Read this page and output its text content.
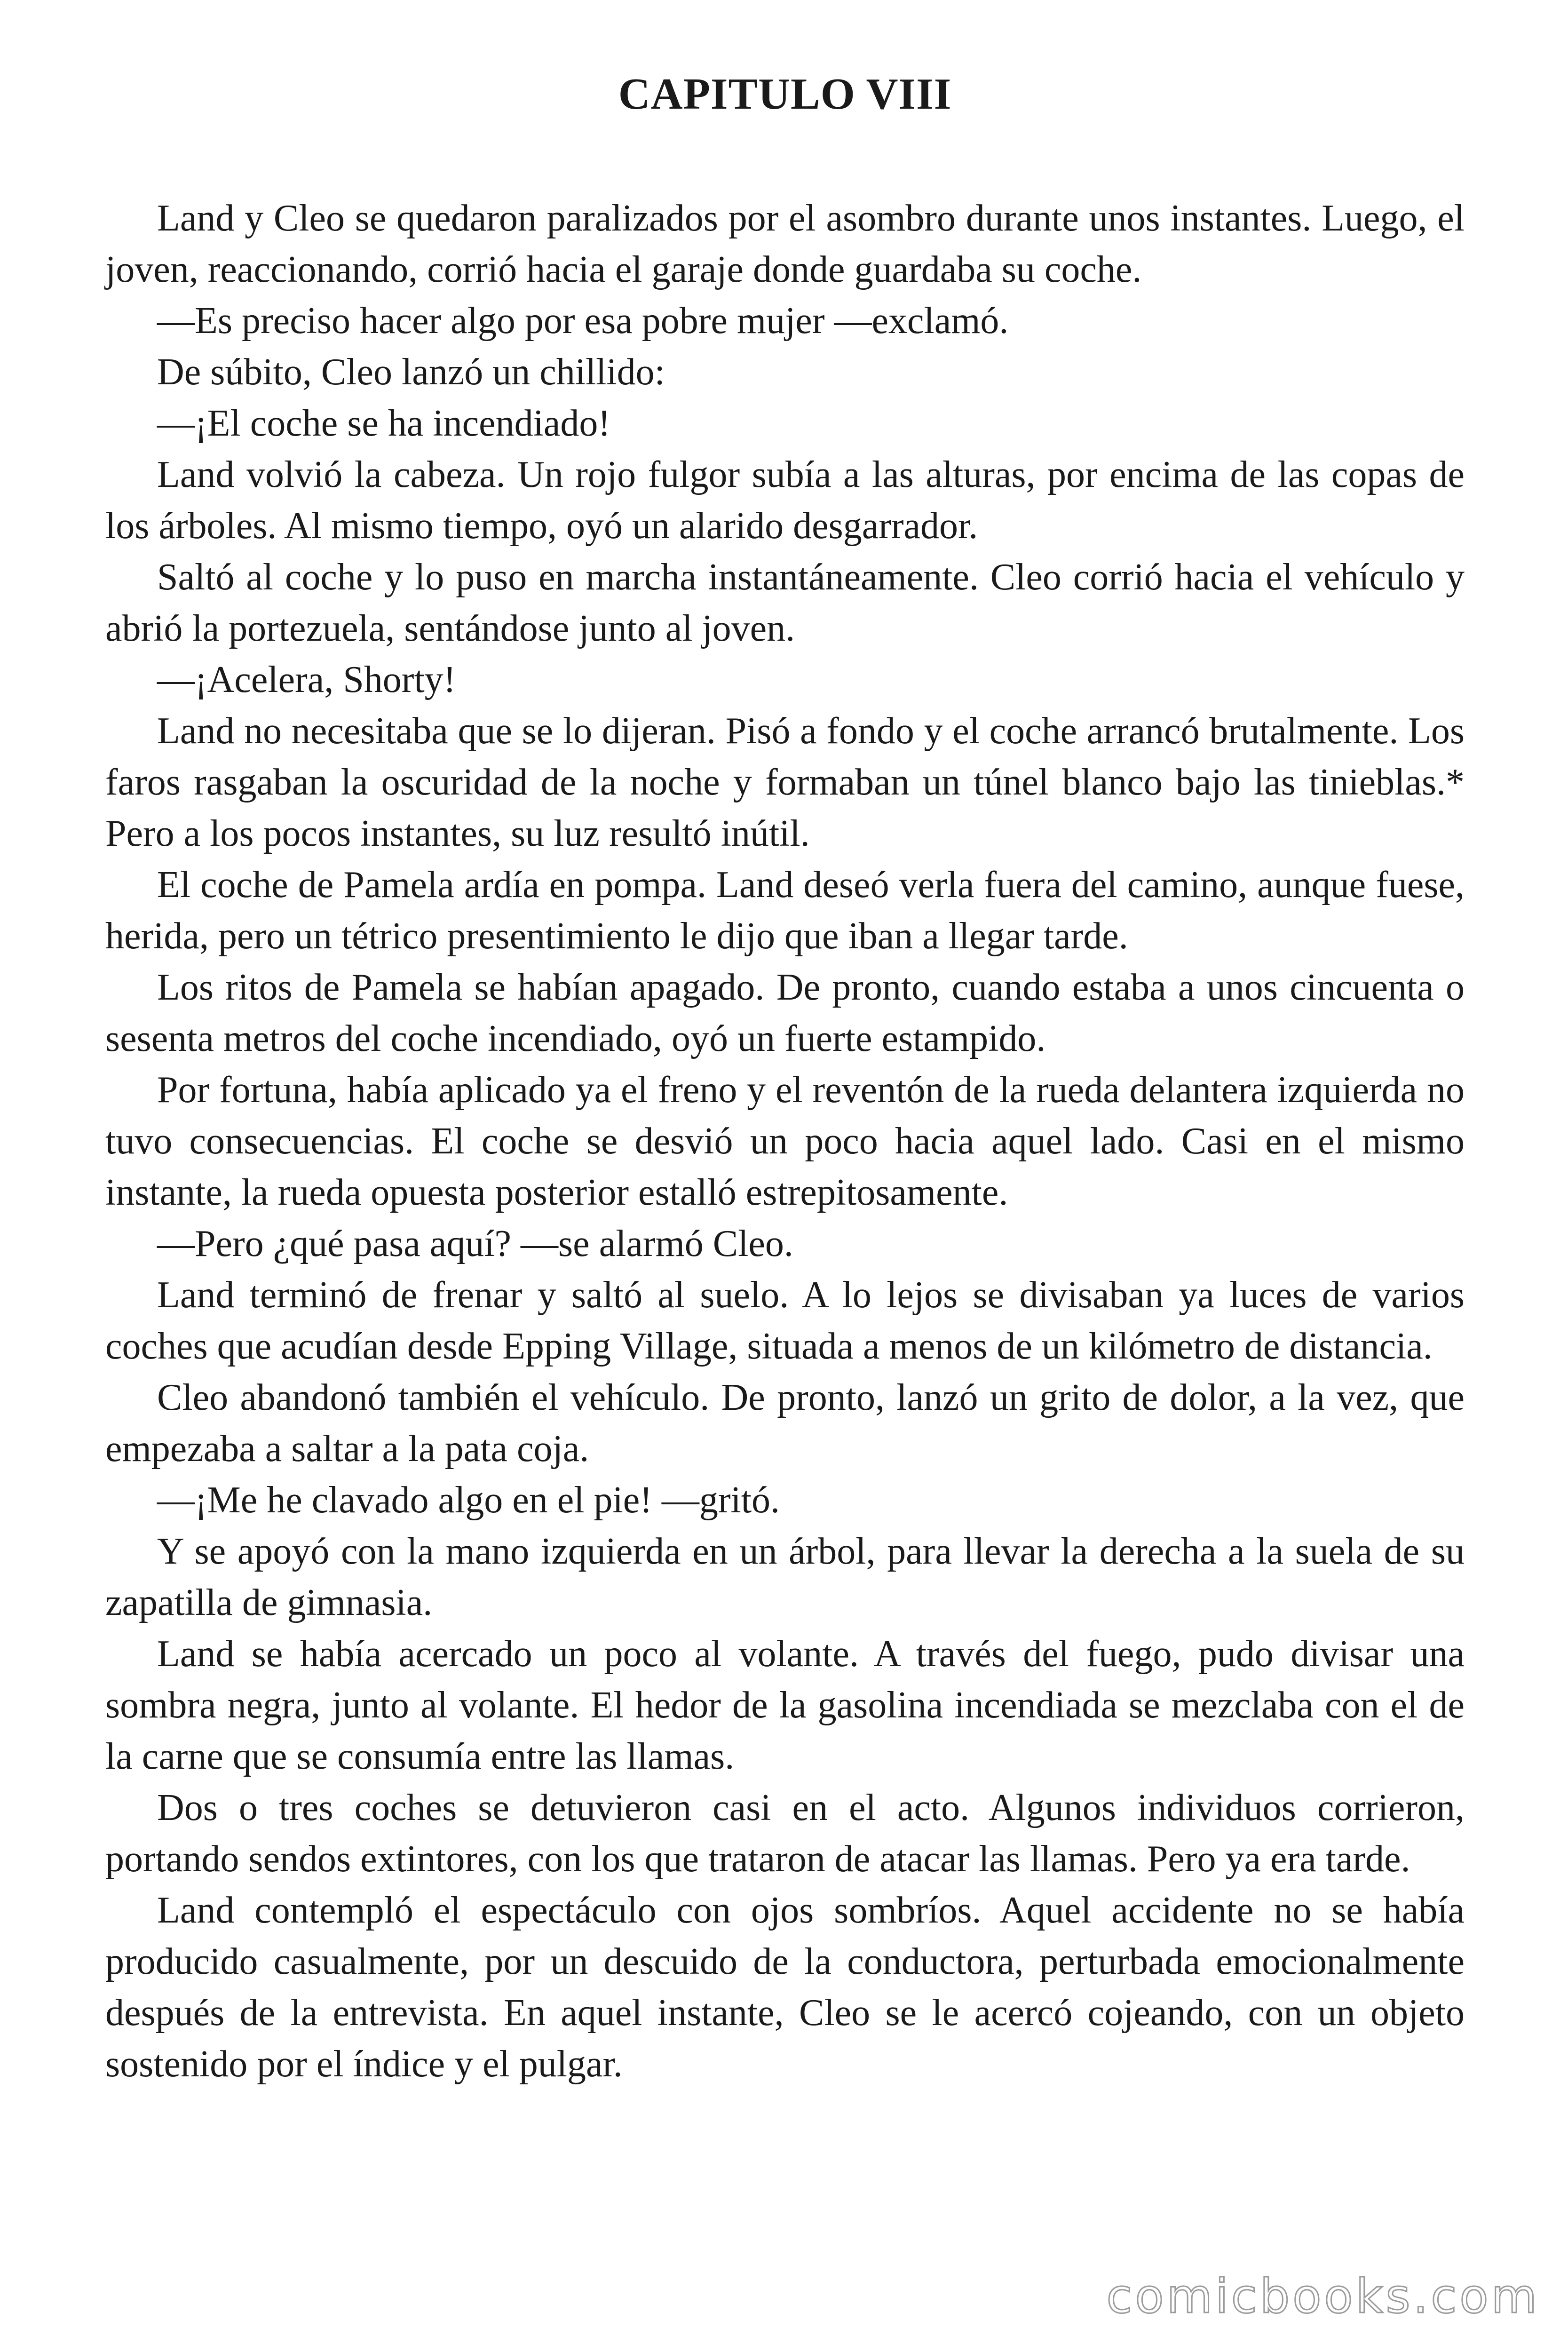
CAPITULO VIII

Land y Cleo se quedaron paralizados por el asombro durante unos instantes. Luego, el joven, reaccionando, corrió hacia el garaje donde guardaba su coche.

—Es preciso hacer algo por esa pobre mujer —exclamó.

De súbito, Cleo lanzó un chillido:

—¡El coche se ha incendiado!

Land volvió la cabeza. Un rojo fulgor subía a las alturas, por encima de las copas de los árboles. Al mismo tiempo, oyó un alarido desgarrador.

Saltó al coche y lo puso en marcha instantáneamente. Cleo corrió hacia el vehículo y abrió la portezuela, sentándose junto al joven.

—¡Acelera, Shorty!

Land no necesitaba que se lo dijeran. Pisó a fondo y el coche arrancó brutalmente. Los faros rasgaban la oscuridad de la noche y formaban un túnel blanco bajo las tinieblas.* Pero a los pocos instantes, su luz resultó inútil.

El coche de Pamela ardía en pompa. Land deseó verla fuera del camino, aunque fuese, herida, pero un tétrico presentimiento le dijo que iban a llegar tarde.

Los ritos de Pamela se habían apagado. De pronto, cuando estaba a unos cincuenta o sesenta metros del coche incendiado, oyó un fuerte estampido.

Por fortuna, había aplicado ya el freno y el reventón de la rueda delantera izquierda no tuvo consecuencias. El coche se desvió un poco hacia aquel lado. Casi en el mismo instante, la rueda opuesta posterior estalló estrepitosamente.

—Pero ¿qué pasa aquí? —se alarmó Cleo.

Land terminó de frenar y saltó al suelo. A lo lejos se divisaban ya luces de varios coches que acudían desde Epping Village, situada a menos de un kilómetro de distancia.

Cleo abandonó también el vehículo. De pronto, lanzó un grito de dolor, a la vez, que empezaba a saltar a la pata coja.

—¡Me he clavado algo en el pie! —gritó.

Y se apoyó con la mano izquierda en un árbol, para llevar la derecha a la suela de su zapatilla de gimnasia.

Land se había acercado un poco al volante. A través del fuego, pudo divisar una sombra negra, junto al volante. El hedor de la gasolina incendiada se mezclaba con el de la carne que se consumía entre las llamas.

Dos o tres coches se detuvieron casi en el acto. Algunos individuos corrieron, portando sendos extintores, con los que trataron de atacar las llamas. Pero ya era tarde.

Land contempló el espectáculo con ojos sombríos. Aquel accidente no se había producido casualmente, por un descuido de la conductora, perturbada emocionalmente después de la entrevista. En aquel instante, Cleo se le acercó cojeando, con un objeto sostenido por el índice y el pulgar.

comicbooks.com
